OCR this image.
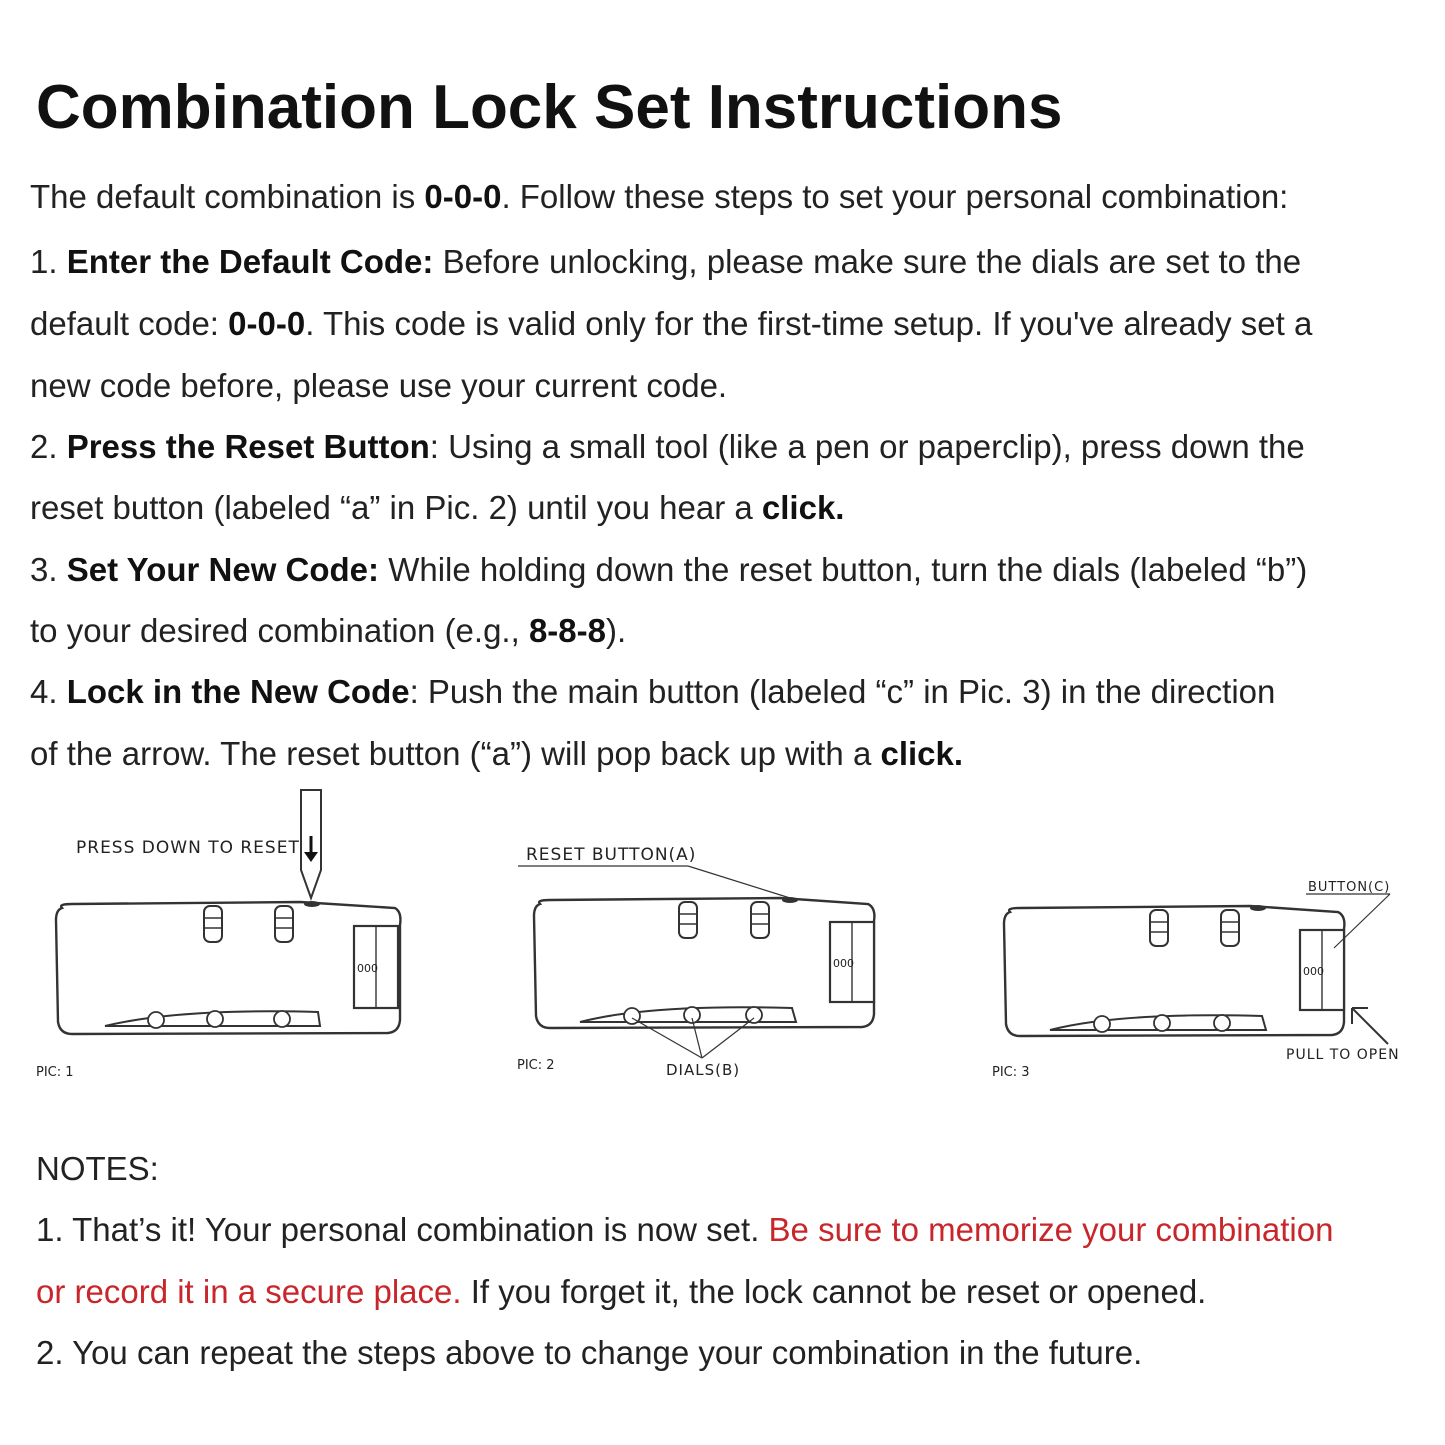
Combination Lock Set Instructions
The default combination is 0-0-0. Follow these steps to set your personal combination:
1. Enter the Default Code: Before unlocking, please make sure the dials are set to the
default code: 0-0-0. This code is valid only for the first-time setup. If you've already set a
new code before, please use your current code.
2. Press the Reset Button: Using a small tool (like a pen or paperclip), press down the
reset button (labeled “a” in Pic. 2) until you hear a click.
3. Set Your New Code: While holding down the reset button, turn the dials (labeled “b”)
to your desired combination (e.g., 8-8-8).
4. Lock in the New Code: Push the main button (labeled “c” in Pic. 3) in the direction
of the arrow. The reset button (“a”) will pop back up with a click.
000
PRESS DOWN TO RESET
PIC: 1
000
RESET BUTTON(A)
DIALS(B)
PIC: 2
000
BUTTON(C)
PULL TO OPEN
PIC: 3
NOTES:
1. That’s it! Your personal combination is now set. Be sure to memorize your combination
or record it in a secure place. If you forget it, the lock cannot be reset or opened.
2. You can repeat the steps above to change your combination in the future.
